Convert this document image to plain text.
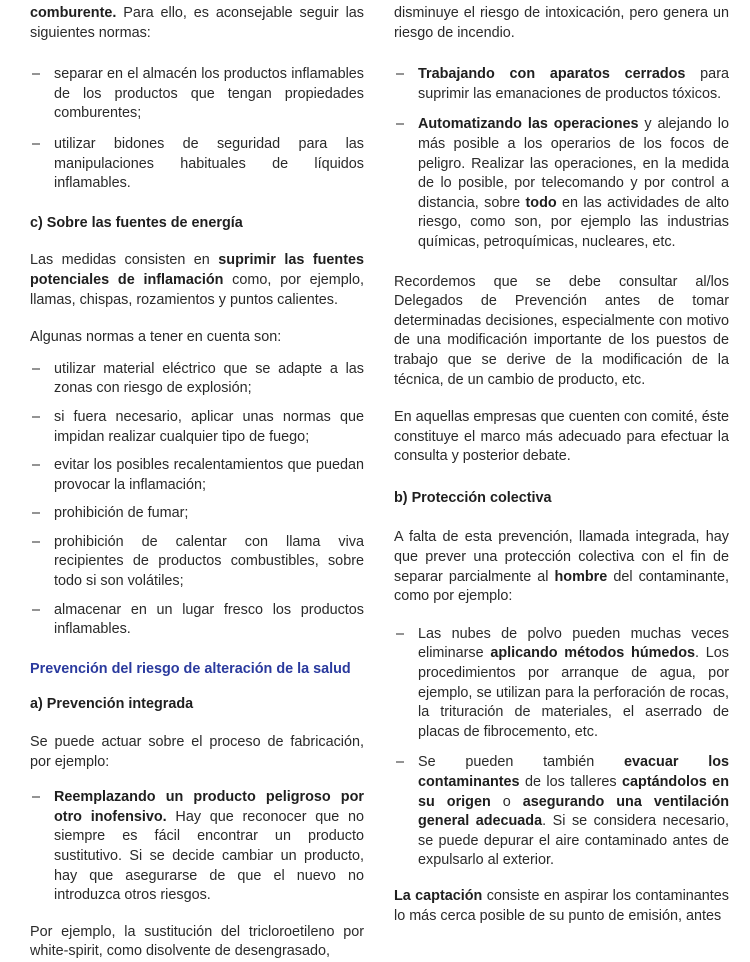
comburente. Para ello, es aconsejable seguir las siguientes normas:

– separar en el almacén los productos inflamables de los productos que tengan propiedades comburentes;
– utilizar bidones de seguridad para las manipulaciones habituales de líquidos inflamables.

c) Sobre las fuentes de energía

Las medidas consisten en suprimir las fuentes potenciales de inflamación como, por ejemplo, llamas, chispas, rozamientos y puntos calientes.

Algunas normas a tener en cuenta son:

– utilizar material eléctrico que se adapte a las zonas con riesgo de explosión;
– si fuera necesario, aplicar unas normas que impidan realizar cualquier tipo de fuego;
– evitar los posibles recalentamientos que puedan provocar la inflamación;
– prohibición de fumar;
– prohibición de calentar con llama viva recipientes de productos combustibles, sobre todo si son volátiles;
– almacenar en un lugar fresco los productos inflamables.

Prevención del riesgo de alteración de la salud

a) Prevención integrada

Se puede actuar sobre el proceso de fabricación, por ejemplo:

– Reemplazando un producto peligroso por otro inofensivo. Hay que reconocer que no siempre es fácil encontrar un producto sustitutivo. Si se decide cambiar un producto, hay que asegurarse de que el nuevo no introduzca otros riesgos.

Por ejemplo, la sustitución del tricloroetileno por white-spirit, como disolvente de desengrasado,

disminuye el riesgo de intoxicación, pero genera un riesgo de incendio.

– Trabajando con aparatos cerrados para suprimir las emanaciones de productos tóxicos.
– Automatizando las operaciones y alejando lo más posible a los operarios de los focos de peligro. Realizar las operaciones, en la medida de lo posible, por telecomando y por control a distancia, sobre todo en las actividades de alto riesgo, como son, por ejemplo las industrias químicas, petroquímicas, nucleares, etc.

Recordemos que se debe consultar al/los Delegados de Prevención antes de tomar determinadas decisiones, especialmente con motivo de una modificación importante de los puestos de trabajo que se derive de la modificación de la técnica, de un cambio de producto, etc.

En aquellas empresas que cuenten con comité, éste constituye el marco más adecuado para efectuar la consulta y posterior debate.

b) Protección colectiva

A falta de esta prevención, llamada integrada, hay que prever una protección colectiva con el fin de separar parcialmente al hombre del contaminante, como por ejemplo:

– Las nubes de polvo pueden muchas veces eliminarse aplicando métodos húmedos. Los procedimientos por arranque de agua, por ejemplo, se utilizan para la perforación de rocas, la trituración de materiales, el aserrado de placas de fibrocemento, etc.
– Se pueden también evacuar los contaminantes de los talleres captándolos en su origen o asegurando una ventilación general adecuada. Si se considera necesario, se puede depurar el aire contaminado antes de expulsarlo al exterior.

La captación consiste en aspirar los contaminantes lo más cerca posible de su punto de emisión, antes
